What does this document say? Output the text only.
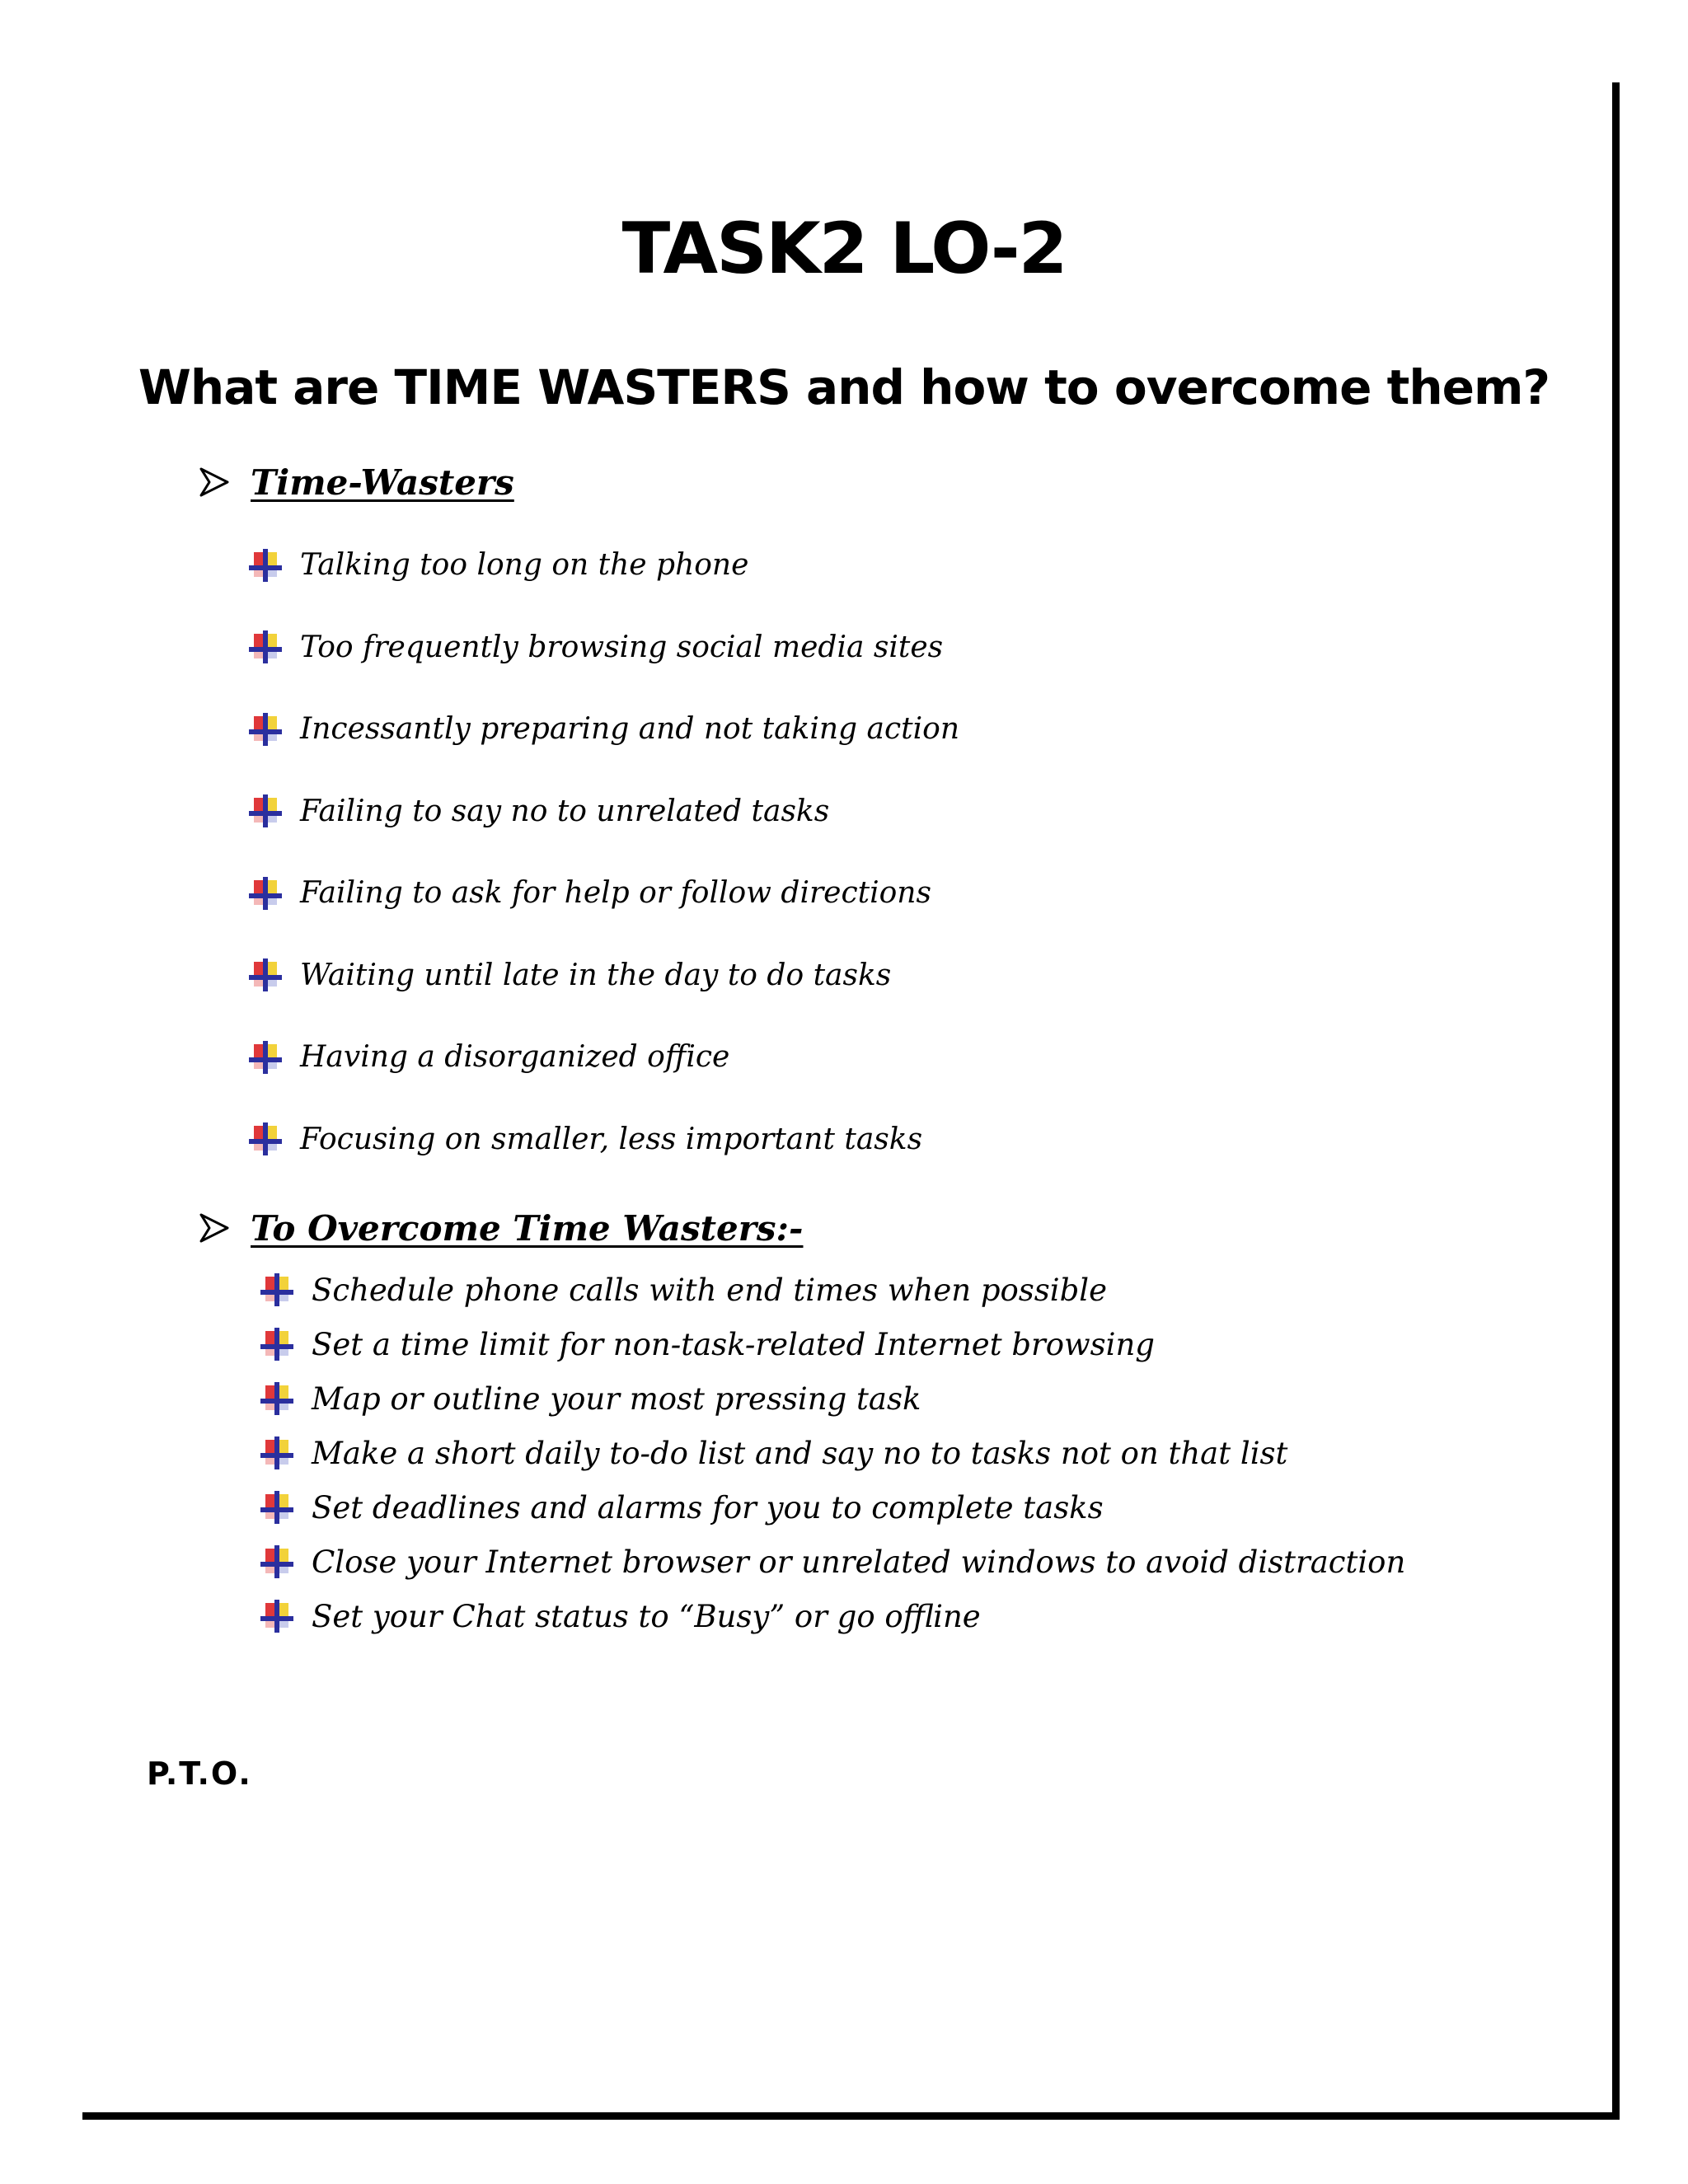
TASK2 LO-2
What are TIME WASTERS and how to overcome them?
Time-Wasters
Talking too long on the phone
Too frequently browsing social media sites
Incessantly preparing and not taking action
Failing to say no to unrelated tasks
Failing to ask for help or follow directions
Waiting until late in the day to do tasks
Having a disorganized office
Focusing on smaller, less important tasks
To Overcome Time Wasters:-
Schedule phone calls with end times when possible
Set a time limit for non-task-related Internet browsing
Map or outline your most pressing task
Make a short daily to-do list and say no to tasks not on that list
Set deadlines and alarms for you to complete tasks
Close your Internet browser or unrelated windows to avoid distraction
Set your Chat status to “Busy” or go offline
P.T.O.
